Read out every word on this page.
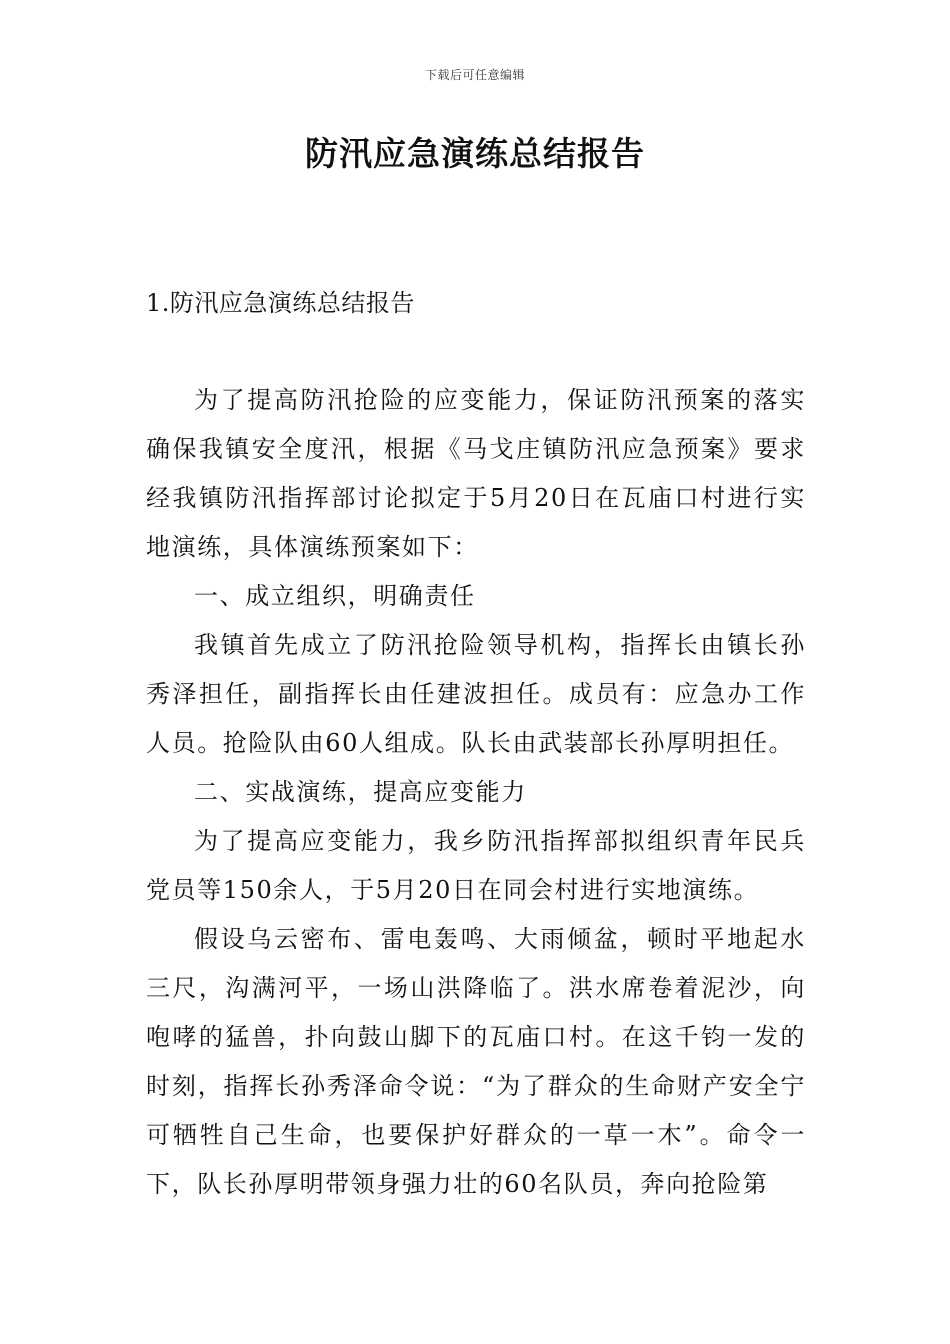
下载后可任意编辑
防汛应急演练总结报告
1.防汛应急演练总结报告

为了提高防汛抢险的应变能力，保证防汛预案的落实确保我镇安全度汛，根据《马戈庄镇防汛应急预案》要求经我镇防汛指挥部讨论拟定于5月20日在瓦庙口村进行实地演练，具体演练预案如下：

一、成立组织，明确责任

我镇首先成立了防汛抢险领导机构，指挥长由镇长孙秀泽担任，副指挥长由任建波担任。成员有：应急办工作人员。抢险队由60人组成。队长由武装部长孙厚明担任。

二、实战演练，提高应变能力

为了提高应变能力，我乡防汛指挥部拟组织青年民兵党员等150余人，于5月20日在同会村进行实地演练。

假设乌云密布、雷电轰鸣、大雨倾盆，顿时平地起水三尺，沟满河平，一场山洪降临了。洪水席卷着泥沙，向咆哮的猛兽，扑向鼓山脚下的瓦庙口村。在这千钧一发的时刻，指挥长孙秀泽命令说：“为了群众的生命财产安全宁可牺牲自己生命，也要保护好群众的一草一木”。命令一下，队长孙厚明带领身强力壮的60名队员，奔向抢险第
